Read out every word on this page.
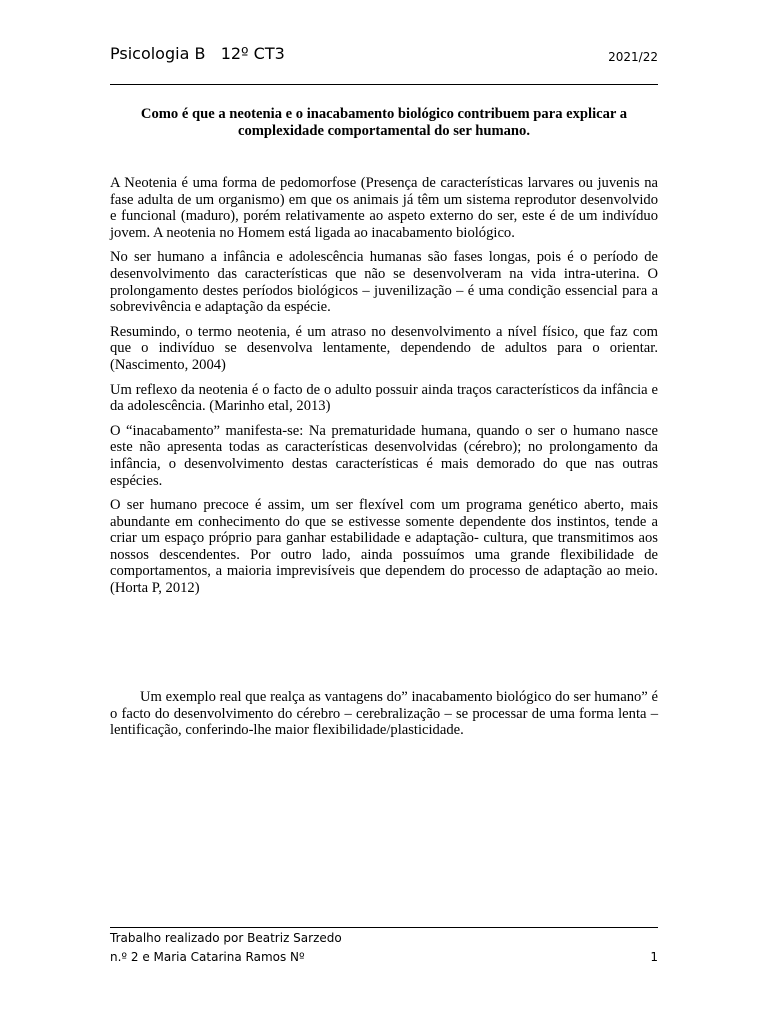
Psicologia B   12º CT3	2021/22
Como é que a neotenia e o inacabamento biológico contribuem para explicar a complexidade comportamental do ser humano.

A Neotenia é uma forma de pedomorfose (Presença de características larvares ou juvenis na fase adulta de um organismo) em que os animais já têm um sistema reprodutor desenvolvido e funcional (maduro), porém relativamente ao aspeto externo do ser, este é de um indivíduo jovem. A neotenia no Homem está ligada ao inacabamento biológico.

No ser humano a infância e adolescência humanas são fases longas, pois é o período de desenvolvimento das características que não se desenvolveram na vida intra-uterina. O prolongamento destes períodos biológicos – juvenilização – é uma condição essencial para a sobrevivência e adaptação da espécie.

Resumindo, o termo neotenia, é um atraso no desenvolvimento a nível físico, que faz com que o indivíduo se desenvolva lentamente, dependendo de adultos para o orientar. (Nascimento, 2004)

Um reflexo da neotenia é o facto de o adulto possuir ainda traços característicos da infância e da adolescência. (Marinho etal, 2013)

O “inacabamento” manifesta-se: Na prematuridade humana, quando o ser o humano nasce este não apresenta todas as características desenvolvidas (cérebro); no prolongamento da infância, o desenvolvimento destas características é mais demorado do que nas outras espécies.

O ser humano precoce é assim, um ser flexível com um programa genético aberto, mais abundante em conhecimento do que se estivesse somente dependente dos instintos, tende a criar um espaço próprio para ganhar estabilidade e adaptação- cultura, que transmitimos aos nossos descendentes. Por outro lado, ainda possuímos uma grande flexibilidade de comportamentos, a maioria imprevisíveis que dependem do processo de adaptação ao meio. (Horta P, 2012)

Um exemplo real que realça as vantagens do” inacabamento biológico do ser humano” é o facto do desenvolvimento do cérebro – cerebralização – se processar de uma forma lenta – lentificação, conferindo-lhe maior flexibilidade/plasticidade.

Trabalho realizado por Beatriz Sarzedo
n.º 2 e Maria Catarina Ramos Nº	1
